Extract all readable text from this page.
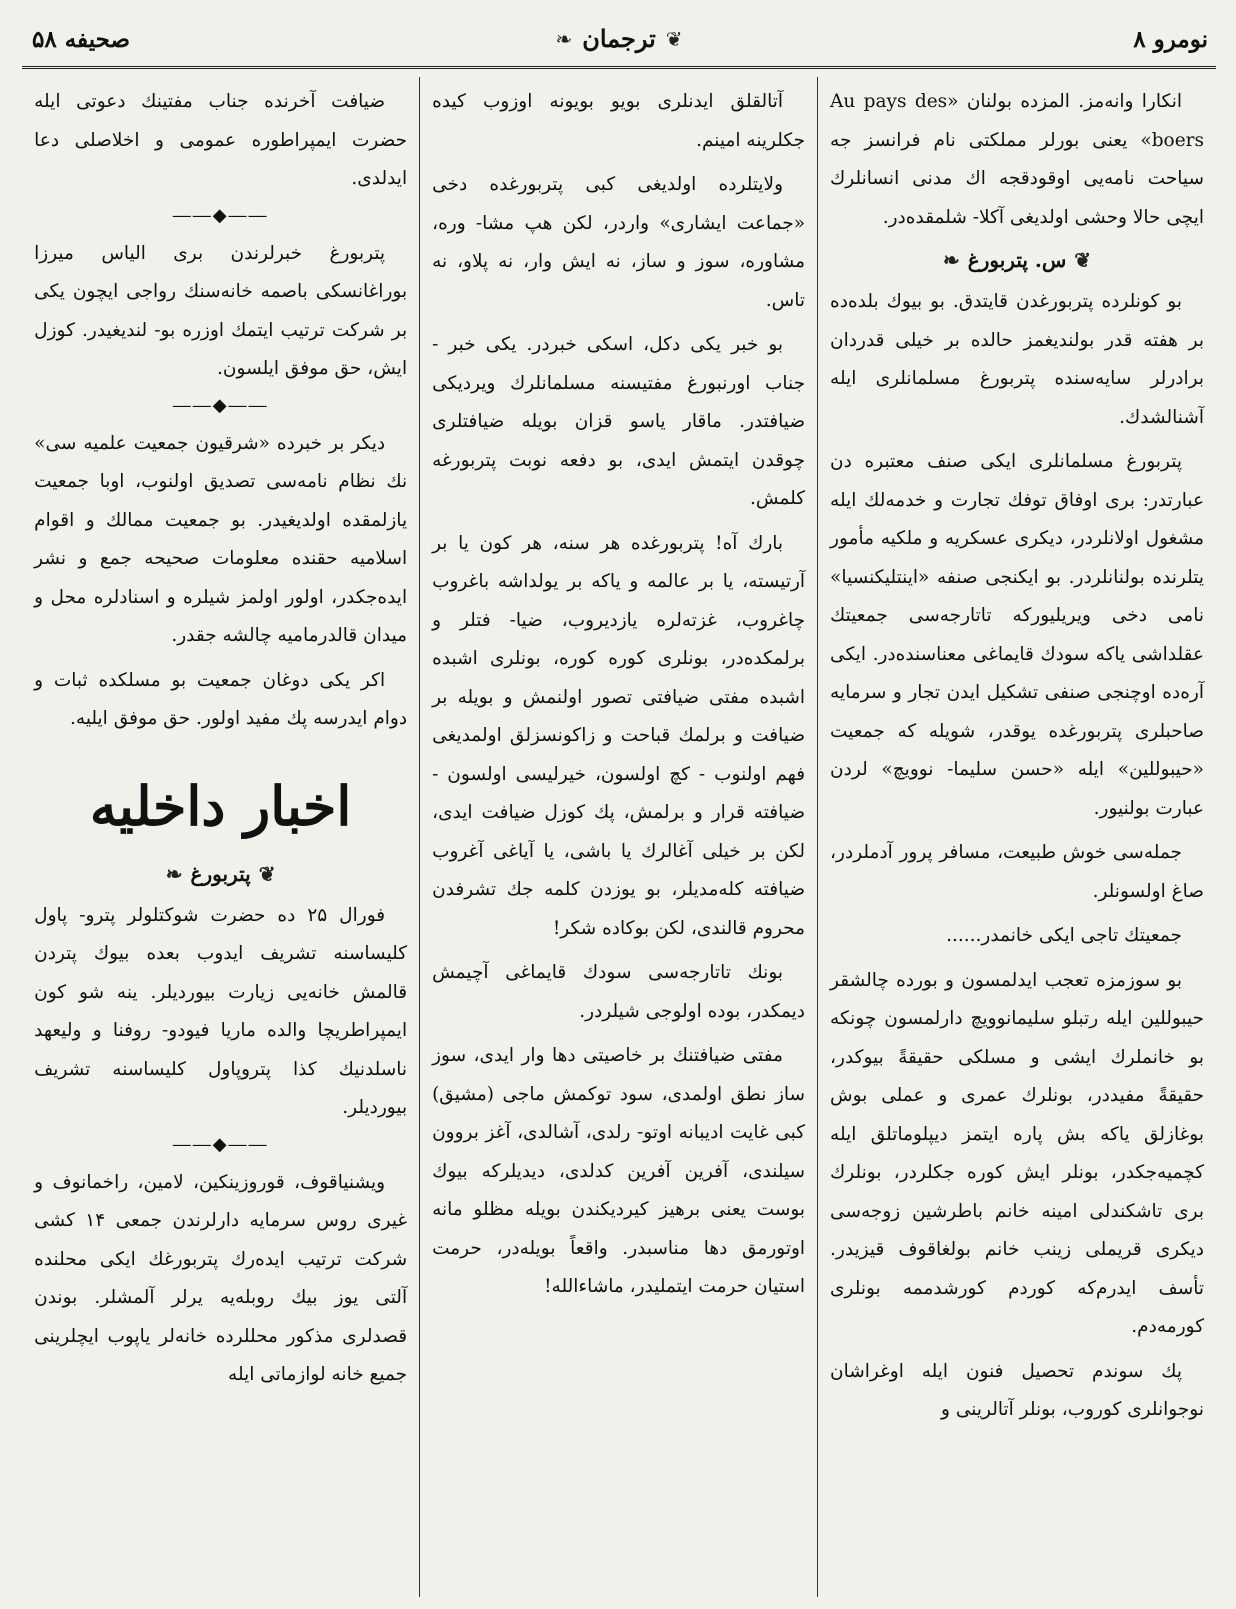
صحیفه ۵۸	❦
ترجمان
❧	نومرو ۸

انکارا وانه‌مز. المزده بولنان «Au pays des boers» یعنی بورلر مملکتی نام فرانسز جه سیاحت نامه‌یی اوقودقجه اك مدنی انسانلرك ایچی حالا وحشی اولدیغی آکلا- شلمقده‌در.

❦
س. پتربورغ
❧

بو کونلرده پتربورغدن قایتدق. بو بیوك بلده‌ده بر هفته قدر بولندیغمز حالده بر خیلی قدردان برادرلر سایه‌سنده پتربورغ مسلمانلری ایله آشنالشدك.

پتربورغ مسلمانلری ایکی صنف معتبره دن عبارتدر: بری اوفاق توفك تجارت و خدمه‌لك ایله مشغول اولانلردر، دیکری عسکریه و ملکیه مأمور یتلرنده بولنانلردر. بو ایکنجی صنفه «اینتلیکنسیا» نامی دخی ویریلیورکه تاتارجه‌سی جمعیتك عقلداشی یاکه سودك قایماغی معناسنده‌در. ایکی آره‌ده اوچنجی صنفی تشکیل ایدن تجار و سرمایه صاحبلری پتربورغده یوقدر، شویله که جمعیت «حیبوللین» ایله «حسن سلیما- نوویچ» لردن عبارت بولنیور.

جمله‌سی خوش طبیعت، مسافر پرور آدملردر، صاغ اولسونلر.

جمعیتك تاجی ایکی خانمدر......

بو سوزمزه تعجب ایدلمسون و بورده چالشقر حیبوللین ایله رتبلو سلیمانوویچ دارلمسون چونکه بو خانملرك ایشی و مسلکی حقیقةً بیوکدر، حقیقةً مفیددر، بونلرك عمری و عملی بوش بوغازلق یاکه بش پاره ایتمز دیپلوماتلق ایله کچمیه‌جکدر، بونلر ایش کوره جکلردر، بونلرك بری تاشکندلی امینه خانم باطرشین زوجه‌سی دیکری قریملی زینب خانم بولغاقوف قیزیدر. تأسف ایدرم‌که کوردم کورشدممه بونلری کورمه‌دم.

پك سوندم تحصیل فنون ایله اوغراشان نوجوانلری کوروب، بونلر آتالرینی و

آتالقلق ایدنلری بویو بویونه اوزوب کیده جکلرینه امینم.

ولایتلرده اولدیغی کبی پتربورغده دخی «جماعت ایشاری» واردر، لکن هپ مشا- وره، مشاوره، سوز و ساز، نه ایش وار، نه پلاو، نه تاس.

بو خبر یکی دکل، اسکی خبردر. یکی خبر - جناب اورنبورغ مفتیسنه مسلمانلرك ویردیکی ضیافتدر. ماقار یاسو قزان بویله ضیافتلری چوقدن ایتمش ایدی، بو دفعه نوبت پتربورغه کلمش.

بارك آه! پتربورغده هر سنه، هر کون یا بر آرتیسته، یا بر عالمه و یاکه بر یولداشه باغروب چاغروب، غزته‌لره یازدیروب، ضیا- فتلر و برلمکده‌در، بونلری کوره کوره، بونلری اشبده اشبده مفتی ضیافتی تصور اولنمش و بویله بر ضیافت و برلمك قباحت و زاکونسزلق اولمدیغی فهم اولنوب - کچ اولسون، خیرلیسی اولسون - ضیافته قرار و برلمش، پك کوزل ضیافت ایدی، لکن بر خیلی آغالرك یا باشی، یا آیاغی آغروب ضیافته کله‌مدیلر، بو یوزدن کلمه جك تشرفدن محروم قالندی، لکن بوکاده شکر!

بونك تاتارجه‌سی سودك قایماغی آچیمش دیمکدر، بوده اولوجی شیلردر.

مفتی ضیافتنك بر خاصیتی دها وار ایدی، سوز ساز نطق اولمدی، سود توکمش ماجی (مشیق) کبی غایت ادیبانه اوتو- رلدی، آشالدی، آغز بروون سیلندی، آفرین آفرین کدلدی، دیدیلرکه بیوك بوست یعنی برهیز کیردیکندن بویله مظلو مانه اوتورمق دها مناسبدر. واقعاً بویله‌در، حرمت استیان حرمت ایتملیدر، ماشاءالله!

ضیافت آخرنده جناب مفتینك دعوتی ایله حضرت ایمپراطوره عمومی و اخلاصلی دعا ایدلدی.

――◆――

پتربورغ خبرلرندن بری الیاس میرزا بوراغانسکی باصمه خانه‌سنك رواجی ایچون یکی بر شرکت ترتیب ایتمك اوزره بو- لندیغیدر. کوزل ایش، حق موفق ایلسون.

――◆――

دیکر بر خبرده «شرقیون جمعیت علمیه سی» نك نظام نامه‌سی تصدیق اولنوب، اوبا جمعیت یازلمقده اولدیغیدر. بو جمعیت ممالك و اقوام اسلامیه حقنده معلومات صحیحه جمع و نشر ایده‌جکدر، اولور اولمز شیلره و اسنادلره محل و میدان قالدرمامیه چالشه جقدر.

اکر یکی دوغان جمعیت بو مسلکده ثبات و دوام ایدرسه پك مفید اولور. حق موفق ایلیه.

اخبار داخلیه
❦
پتربورغ
❧

فورال ۲۵ ده حضرت شوکتلولر پترو- پاول کلیساسنه تشریف ایدوب بعده بیوك پتردن قالمش خانه‌یی زیارت بیوردیلر. ینه شو کون ایمپراطریچا والده ماریا فیودو- روفنا و ولیعهد ناسلدنیك کذا پتروپاول کلیساسنه تشریف بیوردیلر.

――◆――

ویشنیاقوف، قوروزینکین، لامین، راخمانوف و غیری روس سرمایه دارلرندن جمعی ۱۴ کشی شرکت ترتیب ایده‌رك پتربورغك ایکی محلنده آلتی یوز بیك روبله‌یه یرلر آلمشلر. بوندن قصدلری مذکور محللرده خانه‌لر یاپوب ایچلرینی جمیع خانه لوازماتی ایله
